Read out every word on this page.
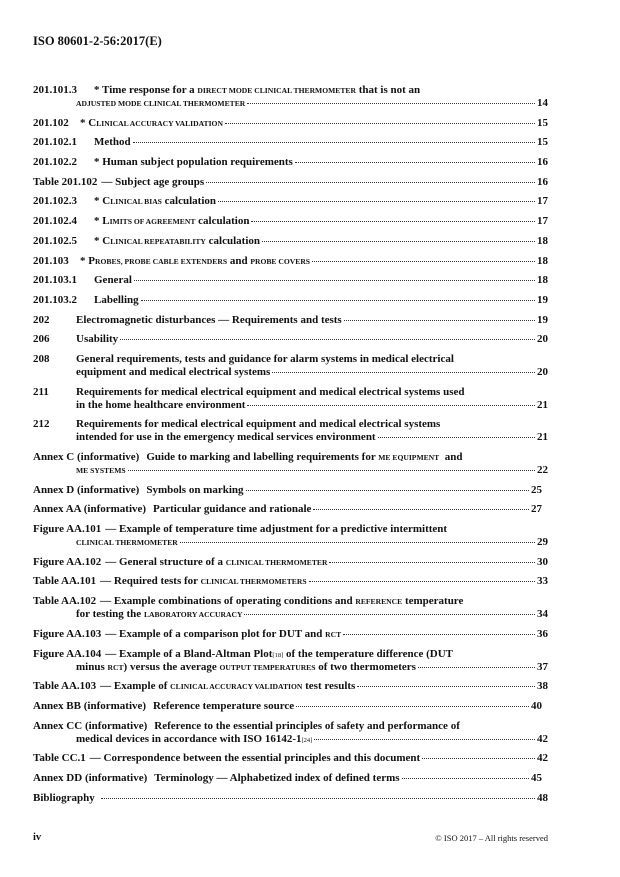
ISO 80601-2-56:2017(E)
201.101.3	* Time response for a DIRECT MODE CLINICAL THERMOMETER that is not an
ADJUSTED MODE CLINICAL THERMOMETER	14
201.102	* C LINICAL ACCURACY VALIDATION	15
201.102.1	Method	15
201.102.2	* Human subject population requirements	16
Table 201.102 — Subject age groups	16
201.102.3	* C LINICAL BIAS calculation	17
201.102.4	* L IMITS OF AGREEMENT calculation	17
201.102.5	* C LINICAL REPEATABILITY calculation	18
201.103	* P ROBES, PROBE CABLE EXTENDERS and PROBE COVERS	18
201.103.1	General	18
201.103.2	Labelling	19
202	Electromagnetic disturbances — Requirements and tests	19
206	Usability	20
208	General requirements, tests and guidance for alarm systems in medical electrical
equipment and medical electrical systems	20
211	Requirements for medical electrical equipment and medical electrical systems used
in the home healthcare environment	21
212	Requirements for medical electrical equipment and medical electrical systems
intended for use in the emergency medical services environment	21
Annex C (informative) Guide to marking and labelling requirements for ME EQUIPMENT and
ME SYSTEMS	22
Annex D (informative) Symbols on marking	25
Annex AA (informative) Particular guidance and rationale	27
Figure AA.101 — Example of temperature time adjustment for a predictive intermittent
CLINICAL THERMOMETER	29
Figure AA.102 — General structure of a CLINICAL THERMOMETER	30
Table AA.101 — Required tests for CLINICAL THERMOMETERS	33
Table AA.102 — Example combinations of operating conditions and REFERENCE temperature
for testing the LABORATORY ACCURACY	34
Figure AA.103 — Example of a comparison plot for DUT and RCT	36
Figure AA.104 — Example of a Bland-Altman Plot [18] of the temperature difference (DUT
minus RCT ) versus the average OUTPUT TEMPERATURES of two thermometers	37
Table AA.103 — Example of CLINICAL ACCURACY VALIDATION test results	38
Annex BB (informative) Reference temperature source	40
Annex CC (informative) Reference to the essential principles of safety and performance of
medical devices in accordance with ISO 16142-1 [24]	42
Table CC.1 — Correspondence between the essential principles and this document	42
Annex DD (informative) Terminology — Alphabetized index of defined terms	45
Bibliography	48
iv	© ISO 2017 – All rights reserved
